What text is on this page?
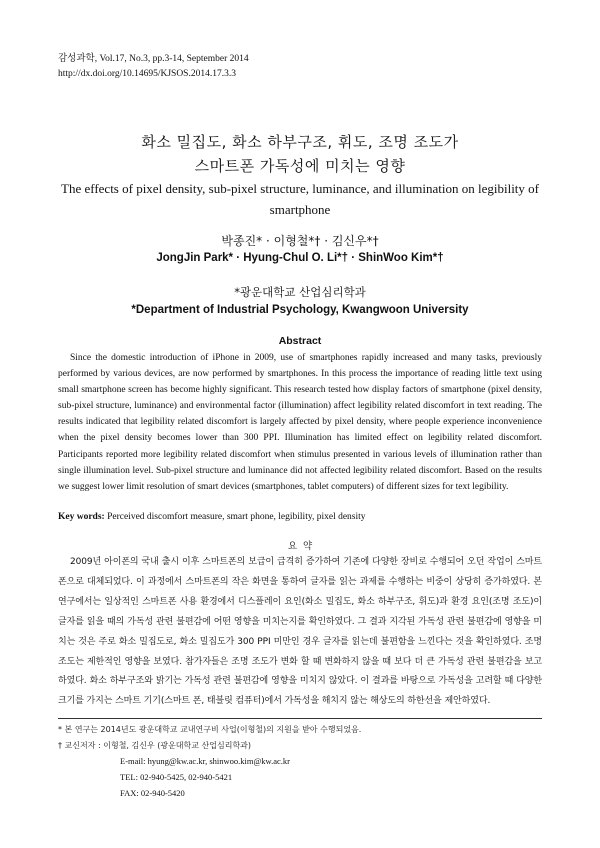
감성과학, Vol.17, No.3, pp.3-14, September 2014
http://dx.doi.org/10.14695/KJSOS.2014.17.3.3
화소 밀집도, 화소 하부구조, 휘도, 조명 조도가
스마트폰 가독성에 미치는 영향
The effects of pixel density, sub-pixel structure, luminance, and illumination on legibility of smartphone
박종진* · 이형철*† · 김신우*†
JongJin Park* · Hyung-Chul O. Li*† · ShinWoo Kim*†
*광운대학교 산업심리학과
*Department of Industrial Psychology, Kwangwoon University
Abstract
Since the domestic introduction of iPhone in 2009, use of smartphones rapidly increased and many tasks, previously performed by various devices, are now performed by smartphones. In this process the importance of reading little text using small smartphone screen has become highly significant. This research tested how display factors of smartphone (pixel density, sub-pixel structure, luminance) and environmental factor (illumination) affect legibility related discomfort in text reading. The results indicated that legibility related discomfort is largely affected by pixel density, where people experience inconvenience when the pixel density becomes lower than 300 PPI. Illumination has limited effect on legibility related discomfort. Participants reported more legibility related discomfort when stimulus presented in various levels of illumination rather than single illumination level. Sub-pixel structure and luminance did not affected legibility related discomfort. Based on the results we suggest lower limit resolution of smart devices (smartphones, tablet computers) of different sizes for text legibility.
Key words: Perceived discomfort measure, smart phone, legibility, pixel density
요 약
2009년 아이폰의 국내 출시 이후 스마트폰의 보급이 급격히 증가하여 기존에 다양한 장비로 수행되어 오던 작업이 스마트폰으로 대체되었다. 이 과정에서 스마트폰의 작은 화면을 통하여 글자를 읽는 과제를 수행하는 비중이 상당히 증가하였다. 본 연구에서는 일상적인 스마트폰 사용 환경에서 디스플레이 요인(화소 밀집도, 화소 하부구조, 휘도)과 환경 요인(조명 조도)이 글자를 읽을 때의 가독성 관련 불편감에 어떤 영향을 미치는지를 확인하였다. 그 결과 지각된 가독성 관련 불편감에 영향을 미치는 것은 주로 화소 밀집도로, 화소 밀집도가 300 PPI 미만인 경우 글자를 읽는데 불편함을 느낀다는 것을 확인하였다. 조명 조도는 제한적인 영향을 보였다. 참가자들은 조명 조도가 변화 할 때 변화하지 않을 때 보다 더 큰 가독성 관련 불편감을 보고하였다. 화소 하부구조와 밝기는 가독성 관련 불편감에 영향을 미치지 않았다. 이 결과를 바탕으로 가독성을 고려할 때 다양한 크기를 가지는 스마트 기기(스마트 폰, 태블릿 컴퓨터)에서 가독성을 해치지 않는 해상도의 하한선을 제안하였다.
* 본 연구는 2014년도 광운대학교 교내연구비 사업(이형철)의 지원을 받아 수행되었음.
† 교신저자 : 이형철, 김신우 (광운대학교 산업심리학과)
E-mail: hyung@kw.ac.kr, shinwoo.kim@kw.ac.kr
TEL: 02-940-5425, 02-940-5421
FAX: 02-940-5420
